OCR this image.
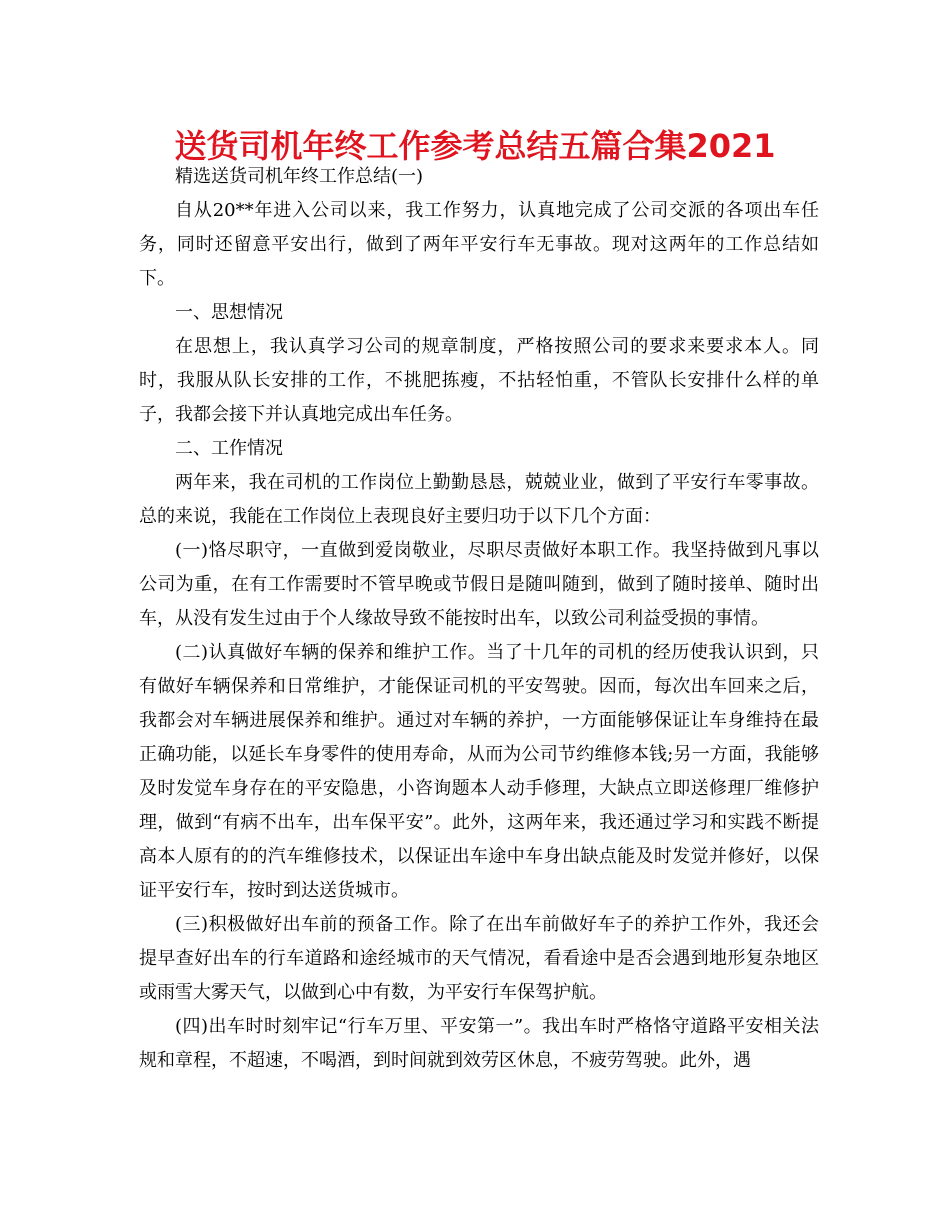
送货司机年终工作参考总结五篇合集2021

精选送货司机年终工作总结(一)

自从20**年进入公司以来，我工作努力，认真地完成了公司交派的各项出车任务，同时还留意平安出行，做到了两年平安行车无事故。现对这两年的工作总结如下。

一、思想情况

在思想上，我认真学习公司的规章制度，严格按照公司的要求来要求本人。同时，我服从队长安排的工作，不挑肥拣瘦，不拈轻怕重，不管队长安排什么样的单子，我都会接下并认真地完成出车任务。

二、工作情况

两年来，我在司机的工作岗位上勤勤恳恳，兢兢业业，做到了平安行车零事故。总的来说，我能在工作岗位上表现良好主要归功于以下几个方面：

(一)恪尽职守，一直做到爱岗敬业，尽职尽责做好本职工作。我坚持做到凡事以公司为重，在有工作需要时不管早晚或节假日是随叫随到，做到了随时接单、随时出车，从没有发生过由于个人缘故导致不能按时出车，以致公司利益受损的事情。

(二)认真做好车辆的保养和维护工作。当了十几年的司机的经历使我认识到，只有做好车辆保养和日常维护，才能保证司机的平安驾驶。因而，每次出车回来之后，我都会对车辆进展保养和维护。通过对车辆的养护，一方面能够保证让车身维持在最正确功能，以延长车身零件的使用寿命，从而为公司节约维修本钱;另一方面，我能够及时发觉车身存在的平安隐患，小咨询题本人动手修理，大缺点立即送修理厂维修护理，做到“有病不出车，出车保平安”。此外，这两年来，我还通过学习和实践不断提高本人原有的的汽车维修技术，以保证出车途中车身出缺点能及时发觉并修好，以保证平安行车，按时到达送货城市。

(三)积极做好出车前的预备工作。除了在出车前做好车子的养护工作外，我还会提早查好出车的行车道路和途经城市的天气情况，看看途中是否会遇到地形复杂地区或雨雪大雾天气，以做到心中有数，为平安行车保驾护航。

(四)出车时时刻牢记“行车万里、平安第一”。我出车时严格恪守道路平安相关法规和章程，不超速，不喝酒，到时间就到效劳区休息，不疲劳驾驶。此外，遇
